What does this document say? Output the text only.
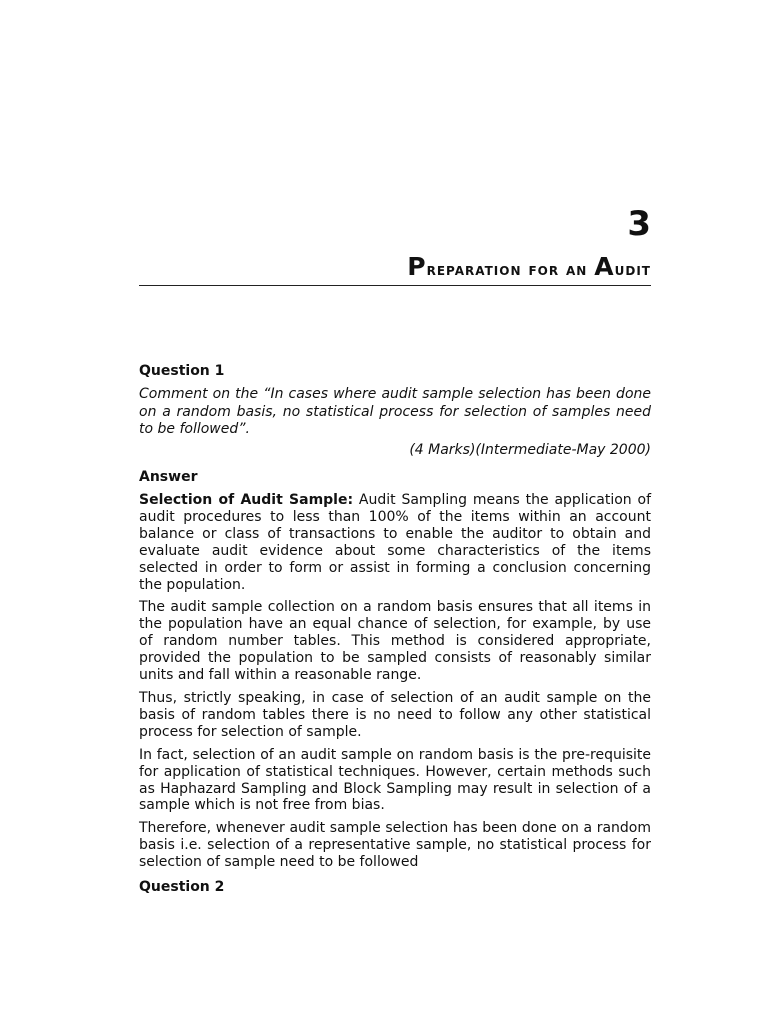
3
Preparation for an Audit
Question 1
Comment on the “In cases where audit sample selection has been done on a random basis, no statistical process for selection of samples need to be followed”.
(4 Marks)(Intermediate-May 2000)
Answer

Selection of Audit Sample: Audit Sampling means the application of audit procedures to less than 100% of the items within an account balance or class of transactions to enable the auditor to obtain and evaluate audit evidence about some characteristics of the items selected in order to form or assist in forming a conclusion concerning the population.

The audit sample collection on a random basis ensures that all items in the population have an equal chance of selection, for example, by use of random number tables. This method is considered appropriate, provided the population to be sampled consists of reasonably similar units and fall within a reasonable range.

Thus, strictly speaking, in case of selection of an audit sample on the basis of random tables there is no need to follow any other statistical process for selection of sample.

In fact, selection of an audit sample on random basis is the pre-requisite for application of statistical techniques. However, certain methods such as Haphazard Sampling and Block Sampling may result in selection of a sample which is not free from bias.

Therefore, whenever audit sample selection has been done on a random basis i.e. selection of a representative sample, no statistical process for selection of sample need to be followed

Question 2
